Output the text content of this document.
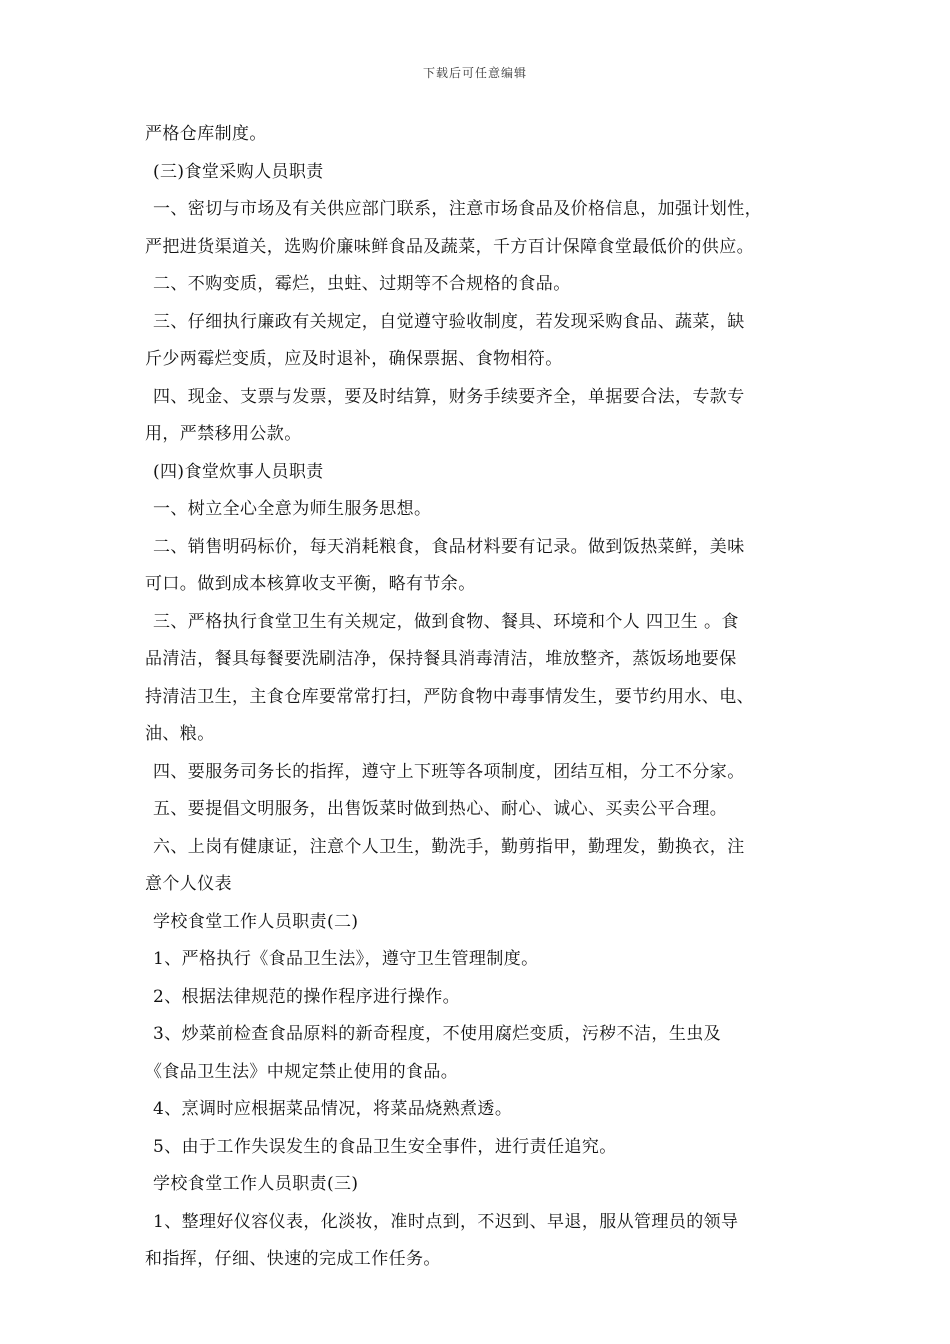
下载后可任意编辑
严格仓库制度。
(三)食堂采购人员职责
一、密切与市场及有关供应部门联系，注意市场食品及价格信息，加强计划性，
严把进货渠道关，选购价廉味鲜食品及蔬菜，千方百计保障食堂最低价的供应。
二、不购变质，霉烂，虫蛀、过期等不合规格的食品。
三、仔细执行廉政有关规定，自觉遵守验收制度，若发现采购食品、蔬菜，缺
斤少两霉烂变质，应及时退补，确保票据、食物相符。
四、现金、支票与发票，要及时结算，财务手续要齐全，单据要合法，专款专
用，严禁移用公款。
(四)食堂炊事人员职责
一、树立全心全意为师生服务思想。
二、销售明码标价，每天消耗粮食，食品材料要有记录。做到饭热菜鲜，美味
可口。做到成本核算收支平衡，略有节余。
三、严格执行食堂卫生有关规定，做到食物、餐具、环境和个人 四卫生 。食
品清洁，餐具每餐要洗刷洁净，保持餐具消毒清洁，堆放整齐，蒸饭场地要保
持清洁卫生，主食仓库要常常打扫，严防食物中毒事情发生，要节约用水、电、
油、粮。
四、要服务司务长的指挥，遵守上下班等各项制度，团结互相，分工不分家。
五、要提倡文明服务，出售饭菜时做到热心、耐心、诚心、买卖公平合理。
六、上岗有健康证，注意个人卫生，勤洗手，勤剪指甲，勤理发，勤换衣，注
意个人仪表
学校食堂工作人员职责(二)
1、严格执行《食品卫生法》，遵守卫生管理制度。
2、根据法律规范的操作程序进行操作。
3、炒菜前检查食品原料的新奇程度，不使用腐烂变质，污秽不洁，生虫及
《食品卫生法》中规定禁止使用的食品。
4、烹调时应根据菜品情况，将菜品烧熟煮透。
5、由于工作失误发生的食品卫生安全事件，进行责任追究。
学校食堂工作人员职责(三)
1、整理好仪容仪表，化淡妆，准时点到，不迟到、早退，服从管理员的领导
和指挥，仔细、快速的完成工作任务。
